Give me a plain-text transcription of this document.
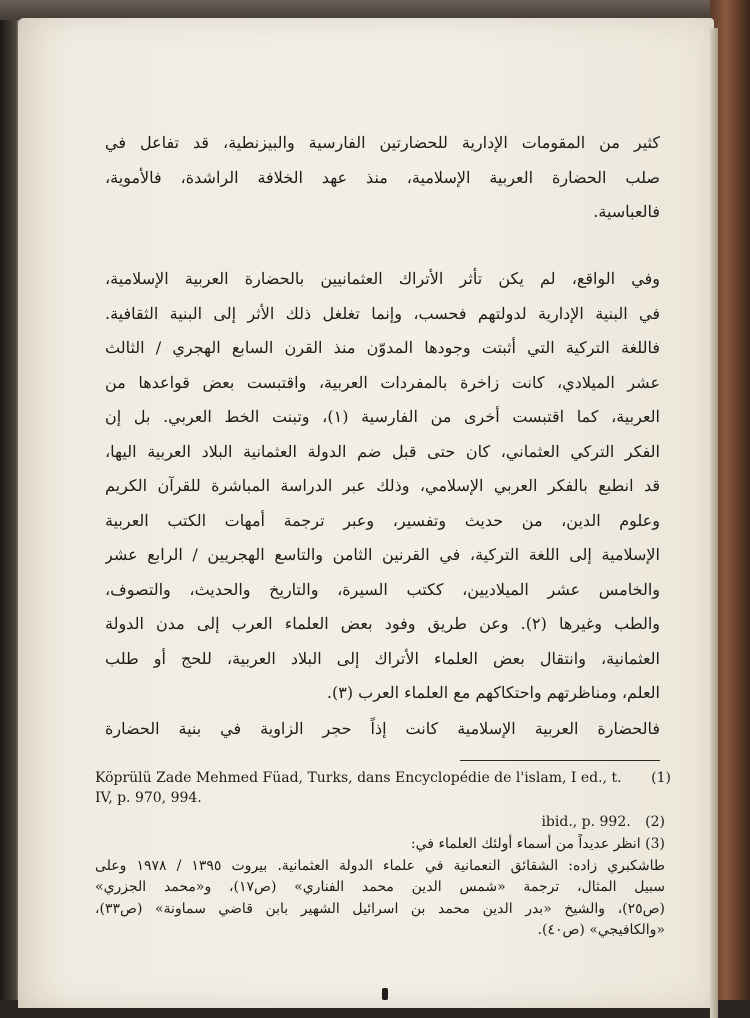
كثير من المقومات الإدارية للحضارتين الفارسية والبيزنطية، قد تفاعل في
صلب الحضارة العربية الإسلامية، منذ عهد الخلافة الراشدة، فالأموية،
فالعباسية.
وفي الواقع، لم يكن تأثر الأتراك العثمانيين بالحضارة العربية الإسلامية،
في البنية الإدارية لدولتهم فحسب، وإنما تغلغل ذلك الأثر إلى البنية الثقافية.
فاللغة التركية التي أثبتت وجودها المدوّن منذ القرن السابع الهجري / الثالث
عشر الميلادي، كانت زاخرة بالمفردات العربية، واقتبست بعض قواعدها من
العربية، كما اقتبست أخرى من الفارسية (١)، وتبنت الخط العربي. بل إن
الفكر التركي العثماني، كان حتى قبل ضم الدولة العثمانية البلاد العربية اليها،
قد انطبع بالفكر العربي الإسلامي، وذلك عبر الدراسة المباشرة للقرآن الكريم
وعلوم الدين، من حديث وتفسير، وعبر ترجمة أمهات الكتب العربية
الإسلامية إلى اللغة التركية، في القرنين الثامن والتاسع الهجريين / الرابع عشر
والخامس عشر الميلاديين، ككتب السيرة، والتاريخ والحديث، والتصوف،
والطب وغيرها (٢). وعن طريق وفود بعض العلماء العرب إلى مدن الدولة
العثمانية، وانتقال بعض العلماء الأتراك إلى البلاد العربية، للحج أو طلب
العلم، ومناظرتهم واحتكاكهم مع العلماء العرب (٣).
فالحضارة العربية الإسلامية كانت إذاً حجر الزاوية في بنية الحضارة
(1)
Köprülü Zade Mehmed Füad, Turks, dans Encyclopédie de l'islam, I ed., t. IV, p. 970, 994.
ibid., p. 992. (2)
(3) انظر عديداً من أسماء أولئك العلماء في:
طاشكبري زاده: الشقائق النعمانية في علماء الدولة العثمانية. بيروت ١٣٩٥ / ١٩٧٨ وعلى
سبيل المثال، ترجمة «شمس الدين محمد الفناري» (ص١٧)، و«محمد الجزري»
(ص٢٥)، والشيخ «بدر الدين محمد بن اسرائيل الشهير بابن قاضي سماونة» (ص٣٣)،
«والكافيجي» (ص٤٠).
